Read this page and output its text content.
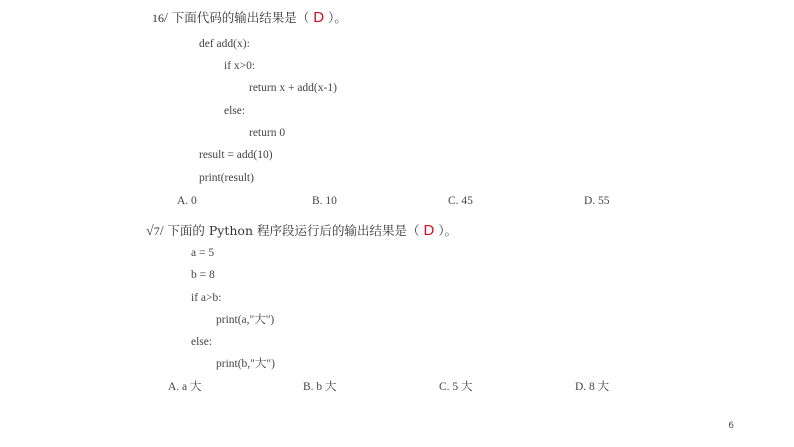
16/ 下面代码的输出结果是（ D ）。
def add(x):
if x>0:
return x + add(x-1)
else:
return 0
result = add(10)
print(result)
A. 0	B. 10	C. 45	D. 55
√7/ 下面的 Python 程序段运行后的输出结果是（ D ）。
a = 5
b = 8
if a>b:
print(a,"大")
else:
print(b,"大")
A. a 大	B. b 大	C. 5 大	D. 8 大
6
